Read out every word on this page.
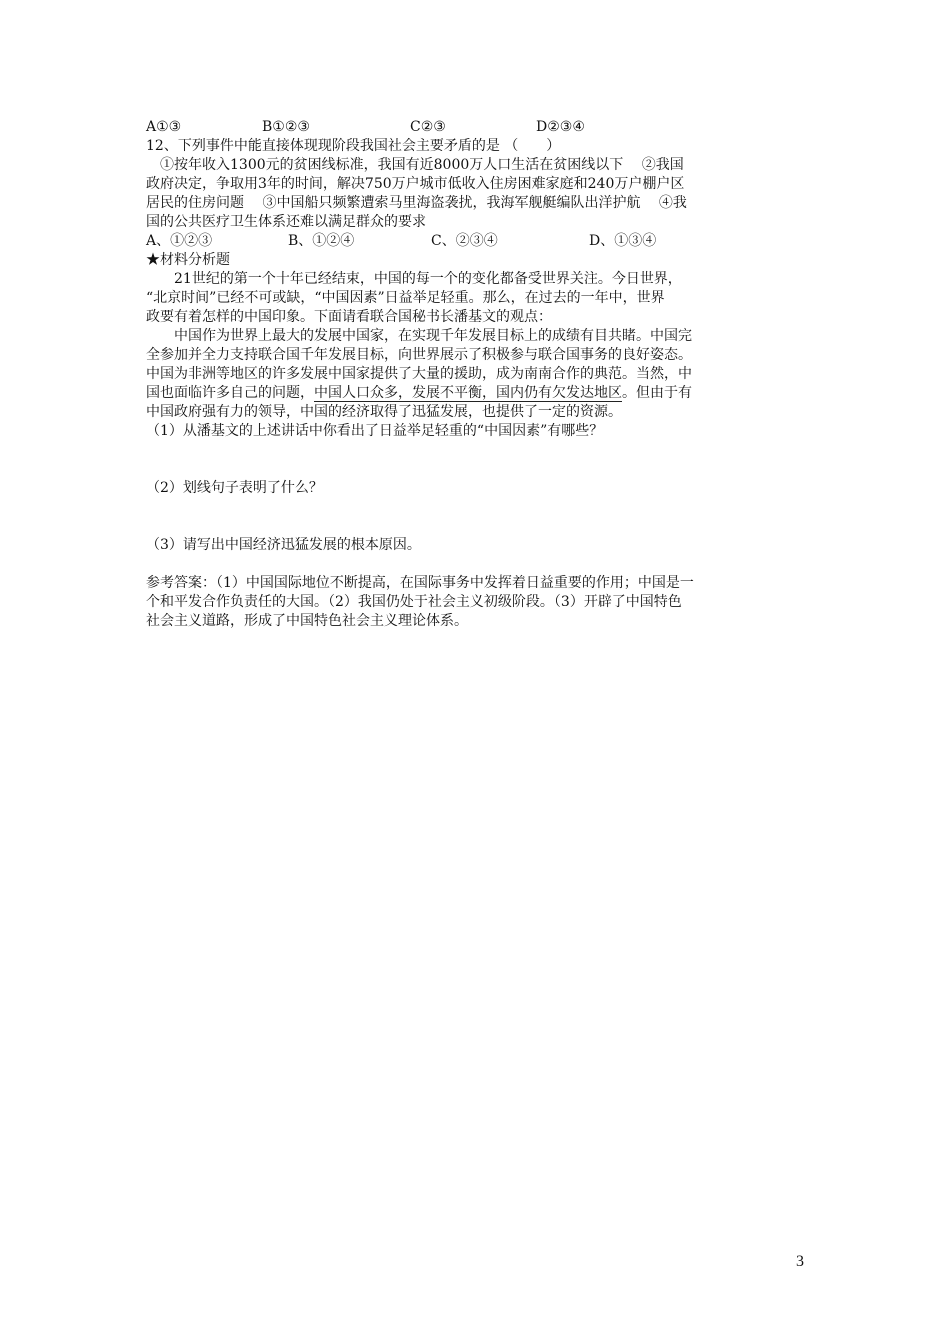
A①③	B①②③	C②③	D②③④
12、下列事件中能直接体现现阶段我国社会主要矛盾的是 （　　）
①按年收入1300元的贫困线标准，我国有近8000万人口生活在贫困线以下　 ②我国
政府决定，争取用3年的时间，解决750万户城市低收入住房困难家庭和240万户棚户区
居民的住房问题　 ③中国船只频繁遭索马里海盗袭扰，我海军舰艇编队出洋护航　 ④我
国的公共医疗卫生体系还难以满足群众的要求
A、①②③	B、①②④	C、②③④	D、①③④
★材料分析题
21世纪的第一个十年已经结束，中国的每一个的变化都备受世界关注。今日世界，
“北京时间”已经不可或缺，“中国因素”日益举足轻重。那么，在过去的一年中，世界
政要有着怎样的中国印象。下面请看联合国秘书长潘基文的观点：
中国作为世界上最大的发展中国家，在实现千年发展目标上的成绩有目共睹。中国完
全参加并全力支持联合国千年发展目标，向世界展示了积极参与联合国事务的良好姿态。
中国为非洲等地区的许多发展中国家提供了大量的援助，成为南南合作的典范。当然，中
国也面临许多自己的问题，中国人口众多，发展不平衡，国内仍有欠发达地区。但由于有
中国政府强有力的领导，中国的经济取得了迅猛发展，也提供了一定的资源。
（1）从潘基文的上述讲话中你看出了日益举足轻重的“中国因素”有哪些？
（2）划线句子表明了什么？
（3）请写出中国经济迅猛发展的根本原因。
参考答案：（1）中国国际地位不断提高，在国际事务中发挥着日益重要的作用；中国是一
个和平发合作负责任的大国。（2）我国仍处于社会主义初级阶段。（3）开辟了中国特色
社会主义道路，形成了中国特色社会主义理论体系。
3
